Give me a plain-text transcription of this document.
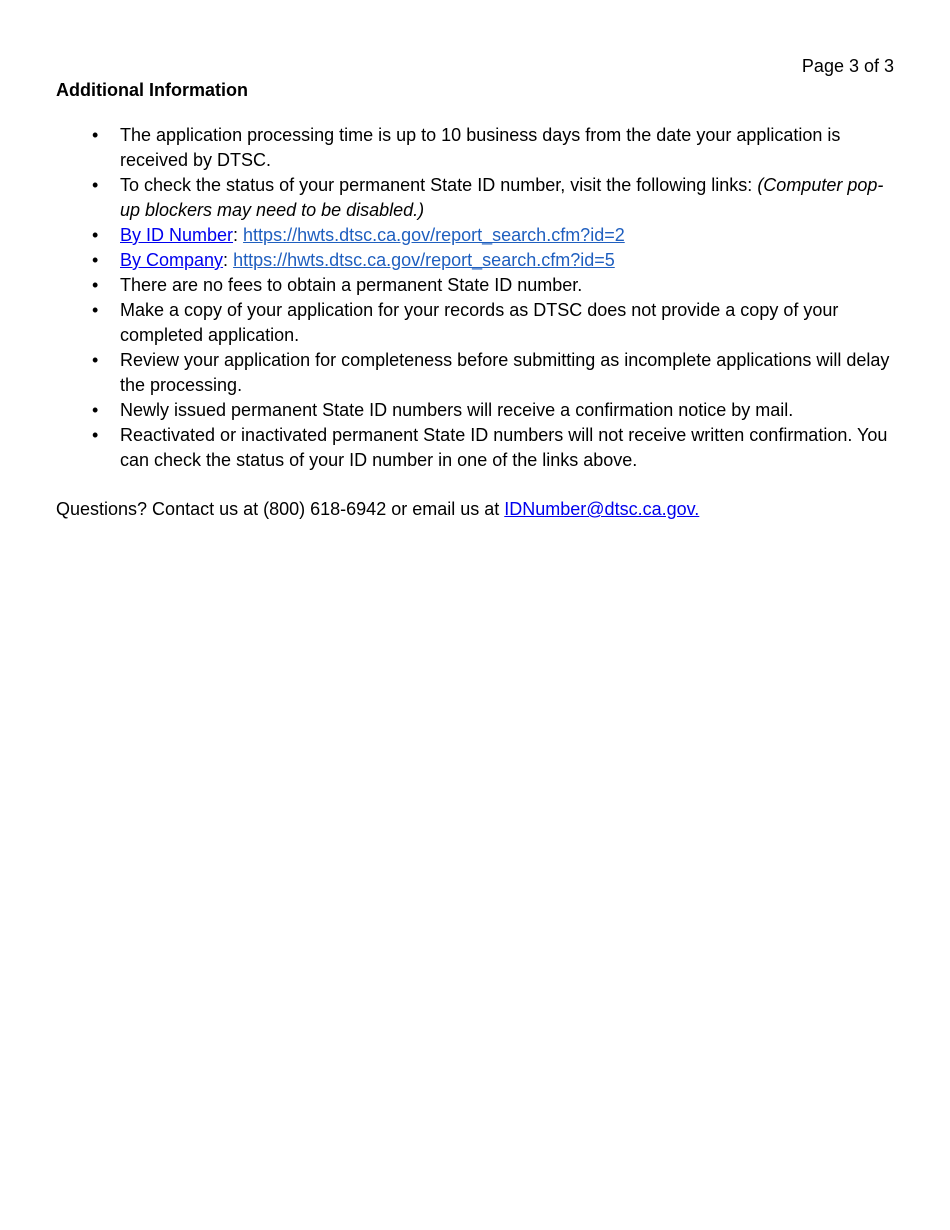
Page 3 of 3
Additional Information
• The application processing time is up to 10 business days from the date your application is received by DTSC.
• To check the status of your permanent State ID number, visit the following links: (Computer pop-up blockers may need to be disabled.)
• By ID Number: https://hwts.dtsc.ca.gov/report_search.cfm?id=2
• By Company: https://hwts.dtsc.ca.gov/report_search.cfm?id=5
• There are no fees to obtain a permanent State ID number.
• Make a copy of your application for your records as DTSC does not provide a copy of your completed application.
• Review your application for completeness before submitting as incomplete applications will delay the processing.
• Newly issued permanent State ID numbers will receive a confirmation notice by mail.
• Reactivated or inactivated permanent State ID numbers will not receive written confirmation. You can check the status of your ID number in one of the links above.
Questions? Contact us at (800) 618-6942 or email us at IDNumber@dtsc.ca.gov.
